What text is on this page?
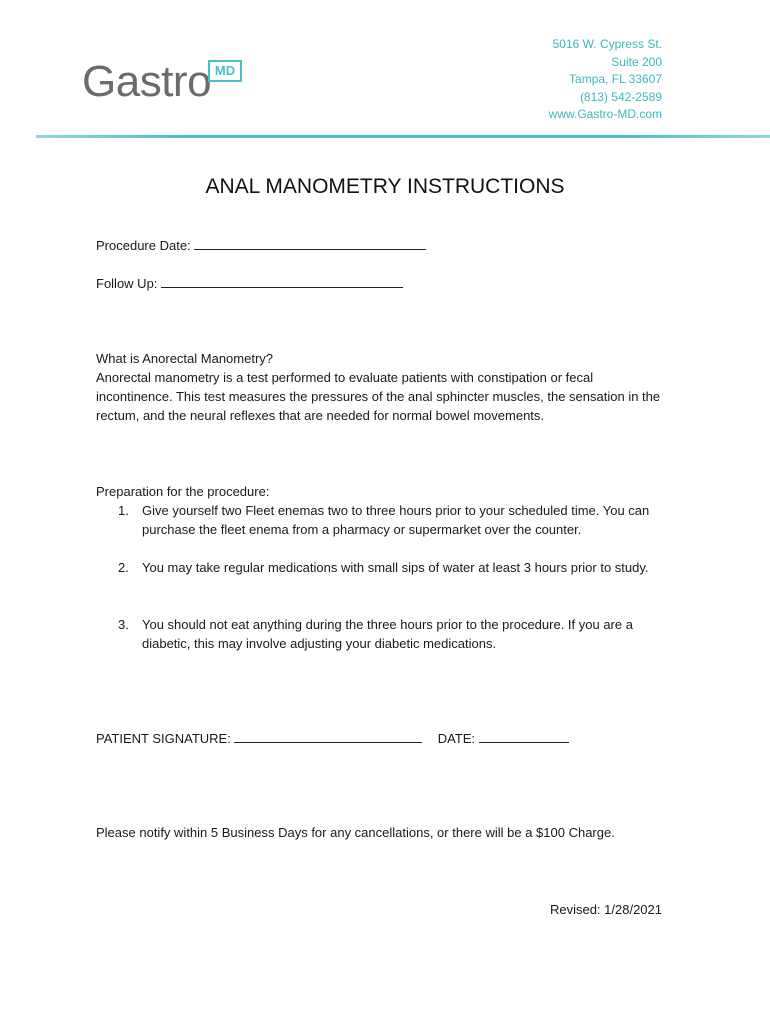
Gastro MD
5016 W. Cypress St.
Suite 200
Tampa, FL 33607
(813) 542-2589
www.Gastro-MD.com
ANAL MANOMETRY INSTRUCTIONS
Procedure Date:
Follow Up:
What is Anorectal Manometry?
Anorectal manometry is a test performed to evaluate patients with constipation or fecal incontinence. This test measures the pressures of the anal sphincter muscles, the sensation in the rectum, and the neural reflexes that are needed for normal bowel movements.
Preparation for the procedure:
1. Give yourself two Fleet enemas two to three hours prior to your scheduled time. You can purchase the fleet enema from a pharmacy or supermarket over the counter.
2. You may take regular medications with small sips of water at least 3 hours prior to study.
3. You should not eat anything during the three hours prior to the procedure. If you are a diabetic, this may involve adjusting your diabetic medications.
PATIENT SIGNATURE:	DATE:
Please notify within 5 Business Days for any cancellations, or there will be a $100 Charge.
Revised: 1/28/2021
